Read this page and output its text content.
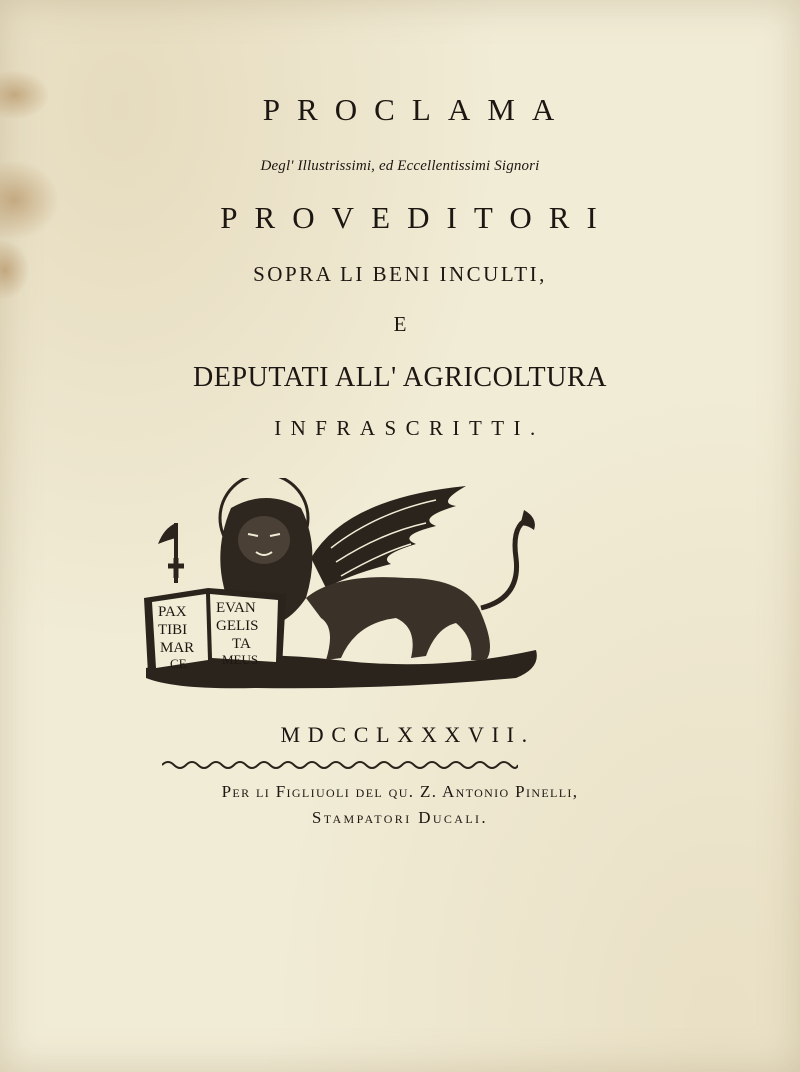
PROCLAMA
Degl' Illustrissimi, ed Eccellentissimi Signori
PROVEDITORI
SOPRA LI BENI INCULTI,
E
DEPUTATI ALL' AGRICOLTURA
INFRASCRITTI.
PAX EVAN
TIBI GELIS
MAR	TA
CE	MEUS
MDCCLXXXVII.
Per li Figliuoli del qu. Z. Antonio Pinelli,
Stampatori Ducali.
